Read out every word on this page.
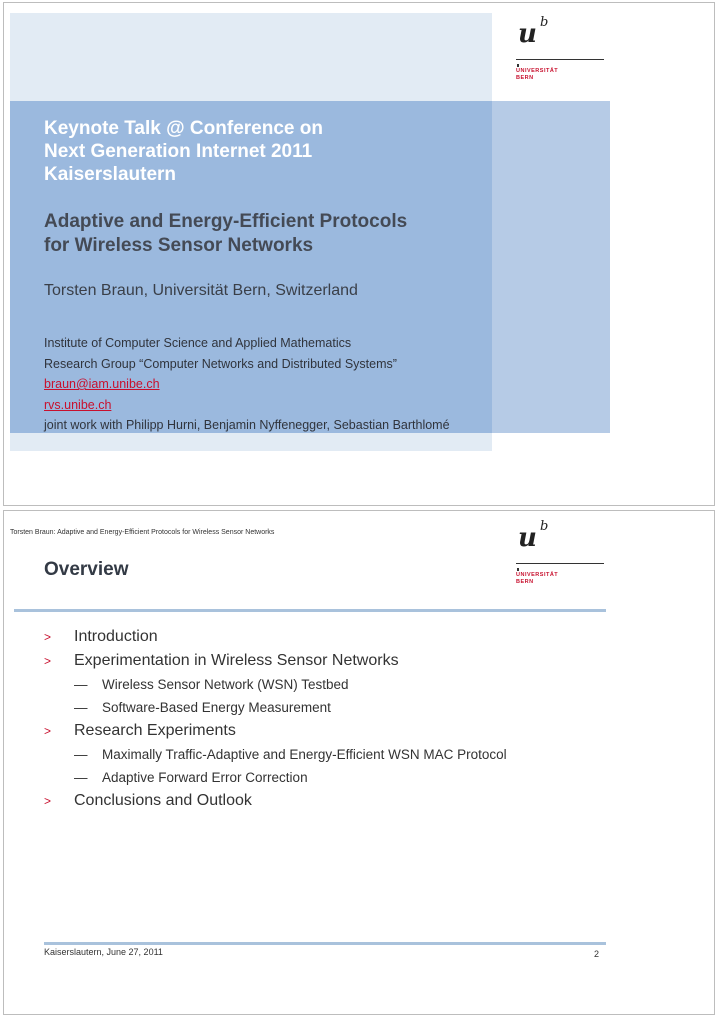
u b
UNIVERSITÄT
BERN
Keynote Talk @ Conference on
Next Generation Internet 2011
Kaiserslautern
Adaptive and Energy-Efficient Protocols
for Wireless Sensor Networks
Torsten Braun, Universität Bern, Switzerland
Institute of Computer Science and Applied Mathematics
Research Group “Computer Networks and Distributed Systems”
braun@iam.unibe.ch
rvs.unibe.ch
joint work with Philipp Hurni, Benjamin Nyffenegger, Sebastian Barthlomé
Torsten Braun: Adaptive and Energy-Efficient Protocols for Wireless Sensor Networks	u b
UNIVERSITÄT
BERN
Overview
> Introduction
> Experimentation in Wireless Sensor Networks
— Wireless Sensor Network (WSN) Testbed
— Software-Based Energy Measurement
> Research Experiments
— Maximally Traffic-Adaptive and Energy-Efficient WSN MAC Protocol
— Adaptive Forward Error Correction
> Conclusions and Outlook
Kaiserslautern, June 27, 2011	2
